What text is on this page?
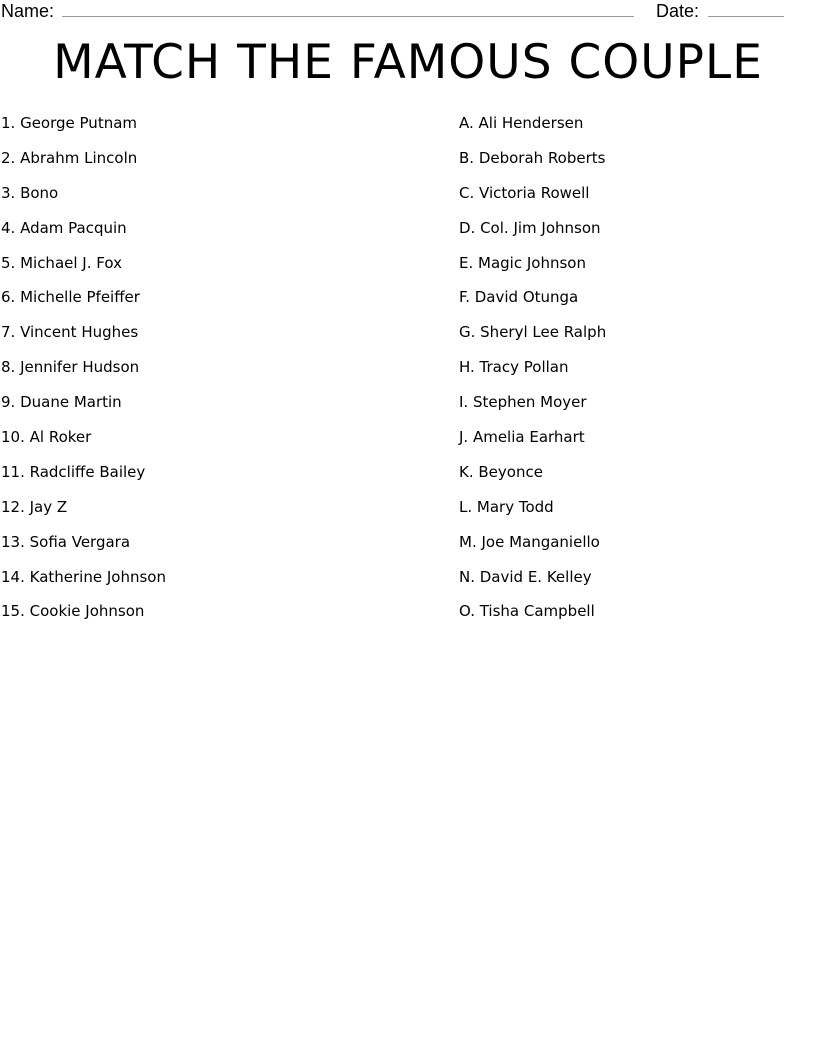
Name:	Date:
MATCH THE FAMOUS COUPLE
1. George Putnam
2. Abrahm Lincoln
3. Bono
4. Adam Pacquin
5. Michael J. Fox
6. Michelle Pfeiffer
7. Vincent Hughes
8. Jennifer Hudson
9. Duane Martin
10. Al Roker
11. Radcliffe Bailey
12. Jay Z
13. Sofia Vergara
14. Katherine Johnson
15. Cookie Johnson
A. Ali Hendersen
B. Deborah Roberts
C. Victoria Rowell
D. Col. Jim Johnson
E. Magic Johnson
F. David Otunga
G. Sheryl Lee Ralph
H. Tracy Pollan
I. Stephen Moyer
J. Amelia Earhart
K. Beyonce
L. Mary Todd
M. Joe Manganiello
N. David E. Kelley
O. Tisha Campbell
